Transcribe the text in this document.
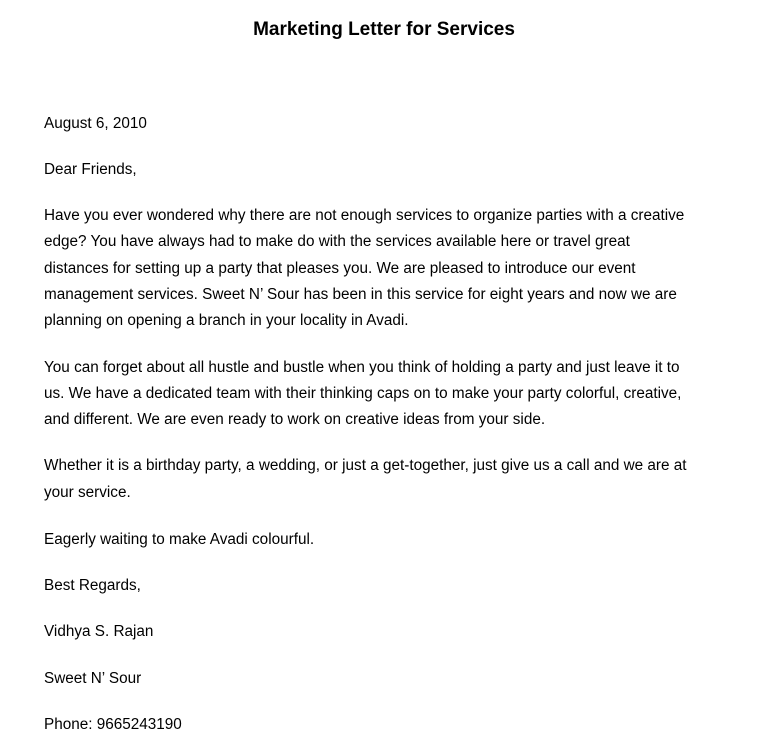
Marketing Letter for Services
August 6, 2010
Dear Friends,
Have you ever wondered why there are not enough services to organize parties with a creative
edge? You have always had to make do with the services available here or travel great
distances for setting up a party that pleases you. We are pleased to introduce our event
management services. Sweet N’ Sour has been in this service for eight years and now we are
planning on opening a branch in your locality in Avadi.
You can forget about all hustle and bustle when you think of holding a party and just leave it to
us. We have a dedicated team with their thinking caps on to make your party colorful, creative,
and different. We are even ready to work on creative ideas from your side.
Whether it is a birthday party, a wedding, or just a get-together, just give us a call and we are at
your service.
Eagerly waiting to make Avadi colourful.
Best Regards,
Vidhya S. Rajan
Sweet N’ Sour
Phone: 9665243190
